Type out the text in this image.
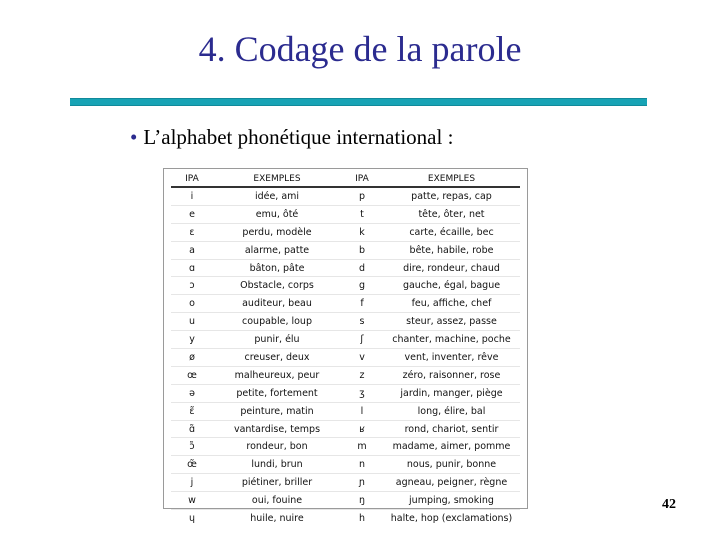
4. Codage de la parole
• L’alphabet phonétique international :
IPA	EXEMPLES	IPA	EXEMPLES
i	idée, ami	p	patte, repas, cap
e	emu, ôté	t	tête, ôter, net
ɛ	perdu, modèle	k	carte, écaille, bec
a	alarme, patte	b	bête, habile, robe
ɑ	bâton, pâte	d	dire, rondeur, chaud
ɔ	Obstacle, corps	g	gauche, égal, bague
o	auditeur, beau	f	feu, affiche, chef
u	coupable, loup	s	steur, assez, passe
y	punir, élu	ʃ	chanter, machine, poche
ø	creuser, deux	v	vent, inventer, rêve
œ	malheureux, peur	z	zéro, raisonner, rose
ə	petite, fortement	ʒ	jardin, manger, piège
ɛ̃	peinture, matin	l	long, élire, bal
ɑ̃	vantardise, temps	ʁ	rond, chariot, sentir
ɔ̃	rondeur, bon	m	madame, aimer, pomme
œ̃	lundi, brun	n	nous, punir, bonne
j	piétiner, briller	ɲ	agneau, peigner, règne
w	oui, fouine	ŋ	jumping, smoking
ɥ	huile, nuire	h	halte, hop (exclamations)
42
